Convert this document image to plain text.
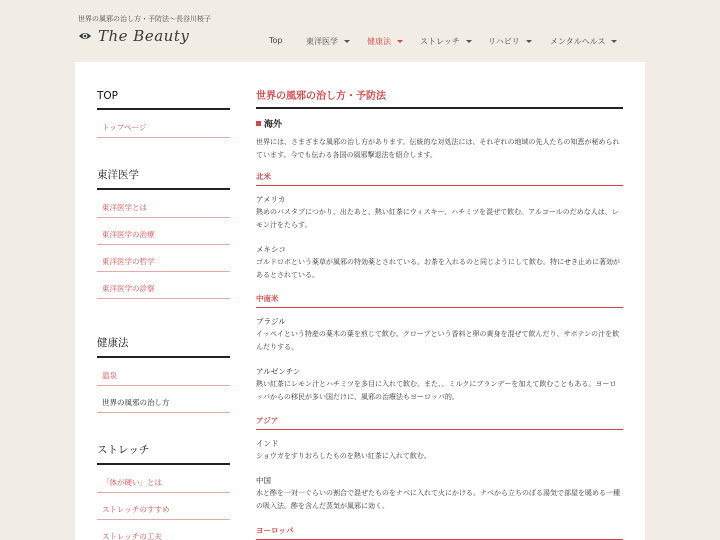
世界の風邪の治し方・予防法〜長谷川桜子
The Beauty	Top	東洋医学	健康法	ストレッチ	リハビリ	メンタルヘルス
TOP
トップページ
東洋医学
東洋医学とは
東洋医学の治療
東洋医学の哲学
東洋医学の診察
健康法
温泉
世界の風邪の治し方
ストレッチ
「体が硬い」とは
ストレッチのすすめ
ストレッチの工夫
世界の風邪の治し方・予防法
海外
世界には、さまざまな風邪の治し方があります。伝統的な対処法には、それぞれの地域の先人たちの知恵が秘められています。今でも伝わる各国の風邪撃退法を紹介します。
北米
アメリカ
熱めのバスタブにつかり、出たあと、熱い紅茶にウィスキー、ハチミツを混ぜて飲む。アルコールのだめな人は、レモン汁をたらす。
メキシコ
ゴルドロボという薬草が風邪の特効薬とされている。お茶を入れるのと同じようにして飲む。特にせき止めに著効があるとされている。
中南米
ブラジル
イッペイという特産の薬木の葉を煎じて飲む。クローブという香料と卵の黄身を混ぜて飲んだり、サボテンの汁を飲んだりする。
アルゼンチン
熱い紅茶にレモン汁とハチミツを多目に入れて飲む。また、、ミルクにブランデーを加えて飲むこともある。ヨーロッパからの移民が多い国だけに、風邪の治療法もヨーロッパ的。
アジア
インド
ショウガをすりおろしたものを熱い紅茶に入れて飲む。
中国
水と酢を一対一ぐらいの割合で混ぜたものをナベに入れて火にかける。ナベから立ちのぼる湯気で部屋を暖める一種の吸入法。酢を含んだ蒸気が風邪に効く。
ヨーロッパ
